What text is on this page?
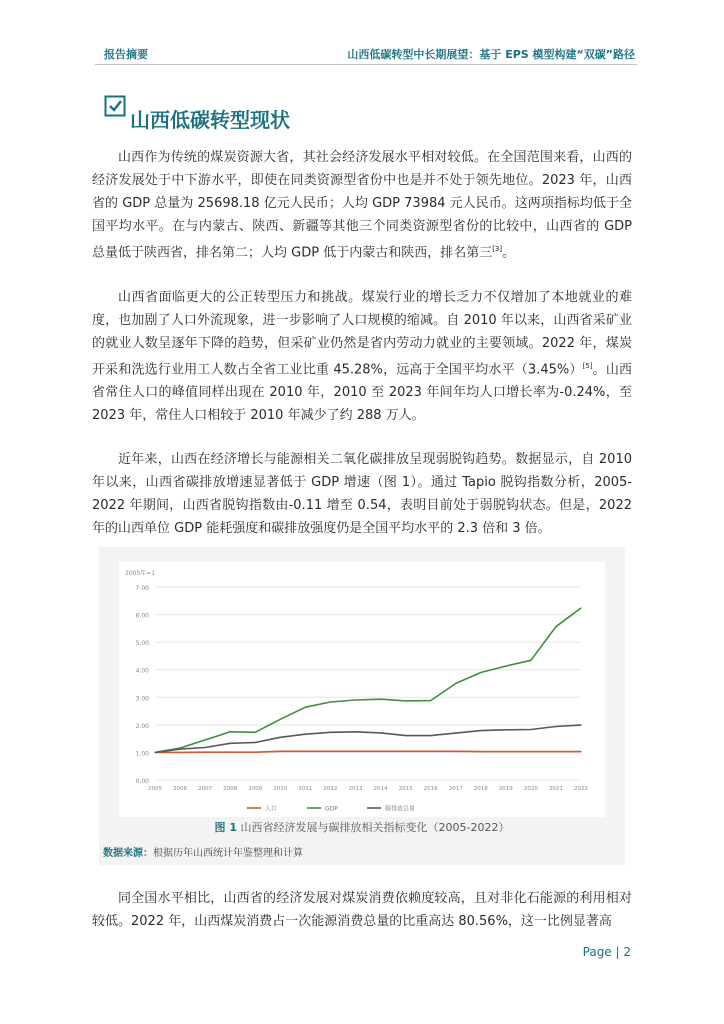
报告摘要	山西低碳转型中长期展望：基于 EPS 模型构建“双碳”路径
山西低碳转型现状

山西作为传统的煤炭资源大省，其社会经济发展水平相对较低。在全国范围来看，山西的经济发展处于中下游水平，即使在同类资源型省份中也是并不处于领先地位。2023 年，山西省的 GDP 总量为 25698.18 亿元人民币；人均 GDP 73984 元人民币。这两项指标均低于全国平均水平。在与内蒙古、陕西、新疆等其他三个同类资源型省份的比较中，山西省的 GDP 总量低于陕西省，排名第二；人均 GDP 低于内蒙古和陕西，排名第三[3]。

山西省面临更大的公正转型压力和挑战。煤炭行业的增长乏力不仅增加了本地就业的难度，也加剧了人口外流现象，进一步影响了人口规模的缩减。自 2010 年以来，山西省采矿业的就业人数呈逐年下降的趋势，但采矿业仍然是省内劳动力就业的主要领域。2022 年，煤炭开采和洗选行业用工人数占全省工业比重 45.28%，远高于全国平均水平（3.45%）[5]。山西省常住人口的峰值同样出现在 2010 年，2010 至 2023 年间年均人口增长率为-0.24%，至 2023 年，常住人口相较于 2010 年减少了约 288 万人。

近年来，山西在经济增长与能源相关二氧化碳排放呈现弱脱钩趋势。数据显示，自 2010 年以来，山西省碳排放增速显著低于 GDP 增速（图 1）。通过 Tapio 脱钩指数分析，2005-2022 年期间，山西省脱钩指数由-0.11 增至 0.54，表明目前处于弱脱钩状态。但是，2022 年的山西单位 GDP 能耗强度和碳排放强度仍是全国平均水平的 2.3 倍和 3 倍。

0.00
1.00
2.00
3.00
4.00
5.00
6.00
7.00
2005年=1
2005 2006 2007 2008 2009 2010 2011 2012 2013 2014 2015 2016 2017 2018 2019 2020 2021 2022
人口	GDP	碳排放总量
图 1 山西省经济发展与碳排放相关指标变化（2005-2022）
数据来源：根据历年山西统计年鉴整理和计算

同全国水平相比，山西省的经济发展对煤炭消费依赖度较高，且对非化石能源的利用相对较低。2022 年，山西煤炭消费占一次能源消费总量的比重高达 80.56%，这一比例显著高

Page | 2
